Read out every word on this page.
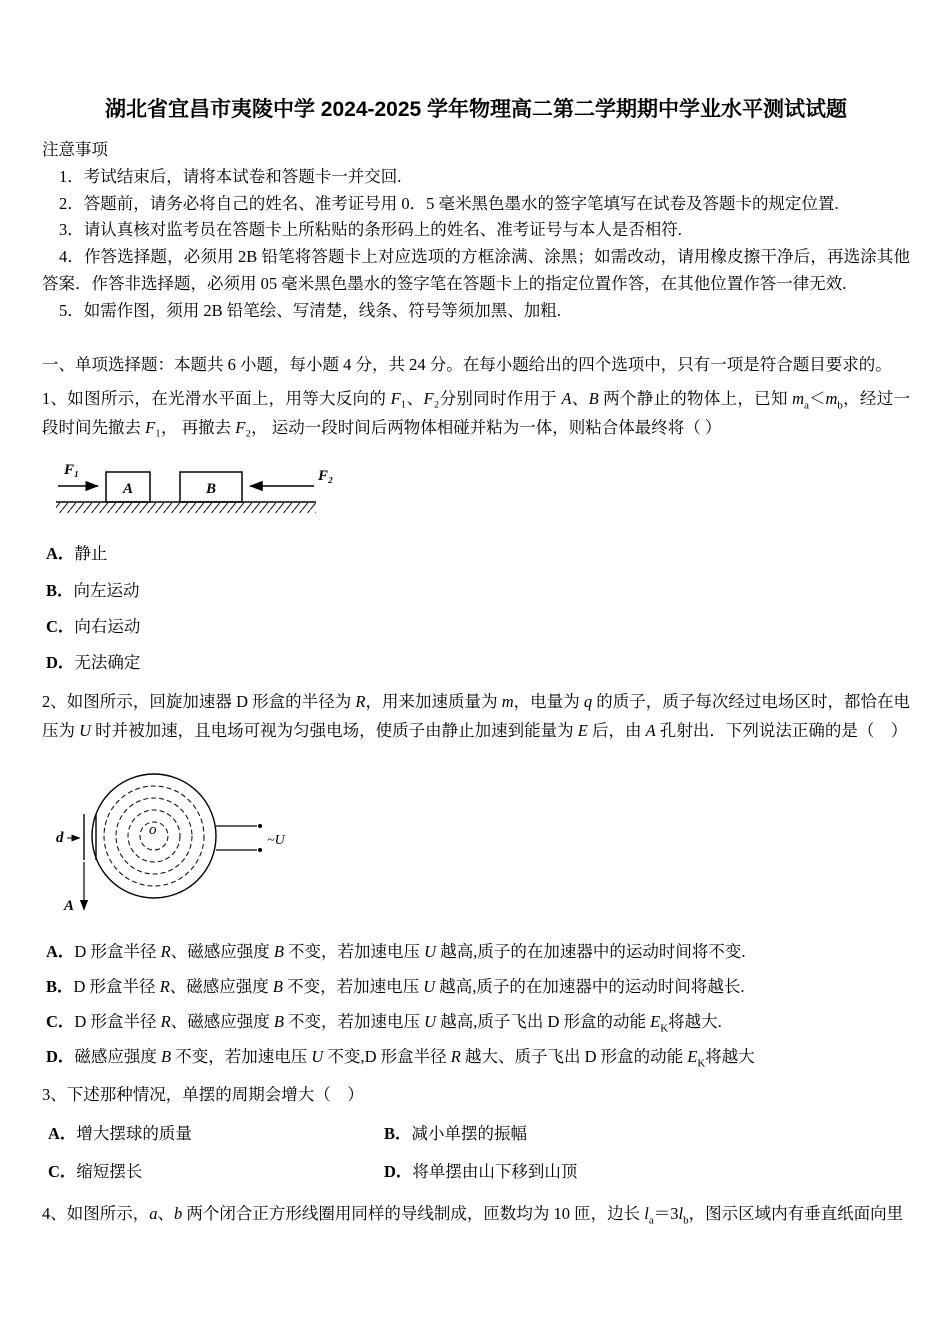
湖北省宜昌市夷陵中学 2024-2025 学年物理高二第二学期期中学业水平测试试题

注意事项

1．考试结束后，请将本试卷和答题卡一并交回.

2．答题前，请务必将自己的姓名、准考证号用 0．5 毫米黑色墨水的签字笔填写在试卷及答题卡的规定位置.

3．请认真核对监考员在答题卡上所粘贴的条形码上的姓名、准考证号与本人是否相符.

4．作答选择题，必须用 2B 铅笔将答题卡上对应选项的方框涂满、涂黑；如需改动，请用橡皮擦干净后，再选涂其他答案．作答非选择题，必须用 05 毫米黑色墨水的签字笔在答题卡上的指定位置作答，在其他位置作答一律无效.

5．如需作图，须用 2B 铅笔绘、写清楚，线条、符号等须加黑、加粗.

一、单项选择题：本题共 6 小题，每小题 4 分，共 24 分。在每小题给出的四个选项中，只有一项是符合题目要求的。

1、如图所示，在光滑水平面上，用等大反向的 F₁、F₂分别同时作用于 A、B 两个静止的物体上，已知 $m_a<m_b$，经过一段时间先撤去 F₁， 再撤去 F₂， 运动一段时间后两物体相碰并粘为一体，则粘合体最终将（ ）

F₁
A	B
F₂

A．静止

B．向左运动

C．向右运动

D．无法确定

2、如图所示，回旋加速器 D 形盒的半径为 R，用来加速质量为 m，电量为 q 的质子，质子每次经过电场区时，都恰在电压为 U 时并被加速，且电场可视为匀强电场，使质子由静止加速到能量为 E 后，由 A 孔射出．下列说法正确的是（　）

o
d
A
~U

A．D 形盒半径 R、磁感应强度 B 不变，若加速电压 U 越高,质子的在加速器中的运动时间将不变.

B．D 形盒半径 R、磁感应强度 B 不变，若加速电压 U 越高,质子的在加速器中的运动时间将越长.

C．D 形盒半径 R、磁感应强度 B 不变，若加速电压 U 越高,质子飞出 D 形盒的动能 $E_K$将越大.

D．磁感应强度 B 不变，若加速电压 U 不变,D 形盒半径 R 越大、质子飞出 D 形盒的动能 $E_K$将越大

3、下述那种情况，单摆的周期会增大（　）

A．增大摆球的质量	B．减小单摆的振幅

C．缩短摆长	D．将单摆由山下移到山顶

4、如图所示，a、b 两个闭合正方形线圈用同样的导线制成，匝数均为 10 匝，边长 $l_a=3l_b$，图示区域内有垂直纸面向里
